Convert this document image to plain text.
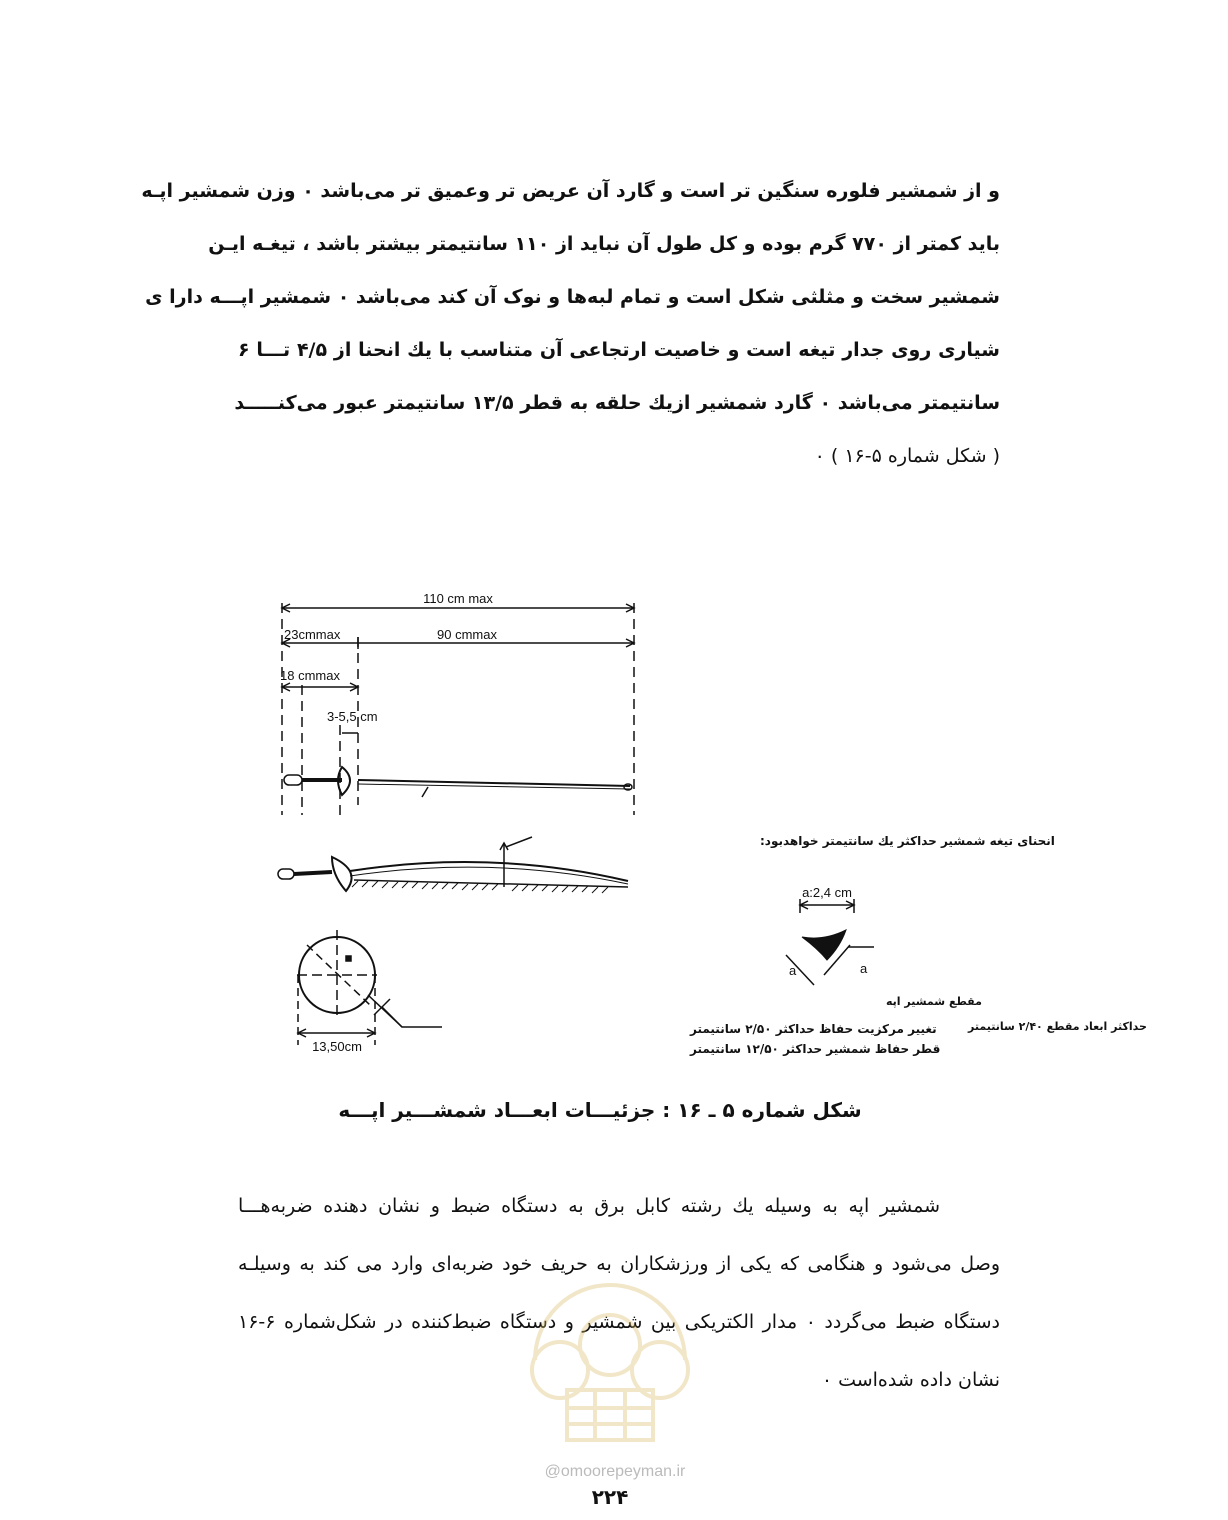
و از شمشیر فلوره سنگین تر است و گارد آن عریض تر وعمیق تر می‌باشد ۰ وزن شمشیر اپـه
باید کمتر از ۷۷۰ گرم بوده و کل طول آن نباید از ۱۱۰ سانتیمتر بیشتر باشد ، تیغـه ایـن
شمشیر سخت و مثلثی شکل است و تمام لبه‌ها و نوک آن کند می‌باشد ۰ شمشیر اپـــه دارا ی
شیاری روی جدار تیغه است و خاصیت ارتجاعی آن متناسب با یك انحنا از ۴/۵ تـــا ۶
سانتیمتر می‌باشد ۰ گارد شمشیر ازیك حلقه به قطر ۱۳/۵ سانتیمتر عبور می‌کنـــــد
( شکل شماره ۵-۱۶ ) ۰
110 cm max
23cmmax	90 cmmax
18 cmmax
3-5,5 cm
انحنای تیغه شمشیر حداکثر یك سانتیمتر خواهدبود:
13,50cm
تغییر مرکزیت حفاظ حداکثر ۲/۵۰ سانتیمتر
قطر حفاظ شمشیر حداکثر ۱۲/۵۰ سانتیمتر
a:2,4 cm
a	a
مقطع شمشیر اپه
حداکثر ابعاد مقطع ۲/۴۰ سانتیمتر
شکل شماره ۵ ـ ۱۶ : جزئیـــات ابعـــاد شمشـــیر اپـــه
شمشیر اپه به وسیله یك رشته کابل برق به دستگاه ضبط و نشان دهنده ضربه‌هـــا
وصل می‌شود و هنگامی که یکی از ورزشکاران به حریف خود ضربه‌ای وارد می کند به وسیلـه
دستگاه ضبط می‌گردد ۰ مدار الکتریکی بین شمشیر و دستگاه ضبط‌کننده در شکل‌شماره ۶-۱۶
نشان داده شده‌است ۰
@omoorepeyman.ir
۲۲۴
